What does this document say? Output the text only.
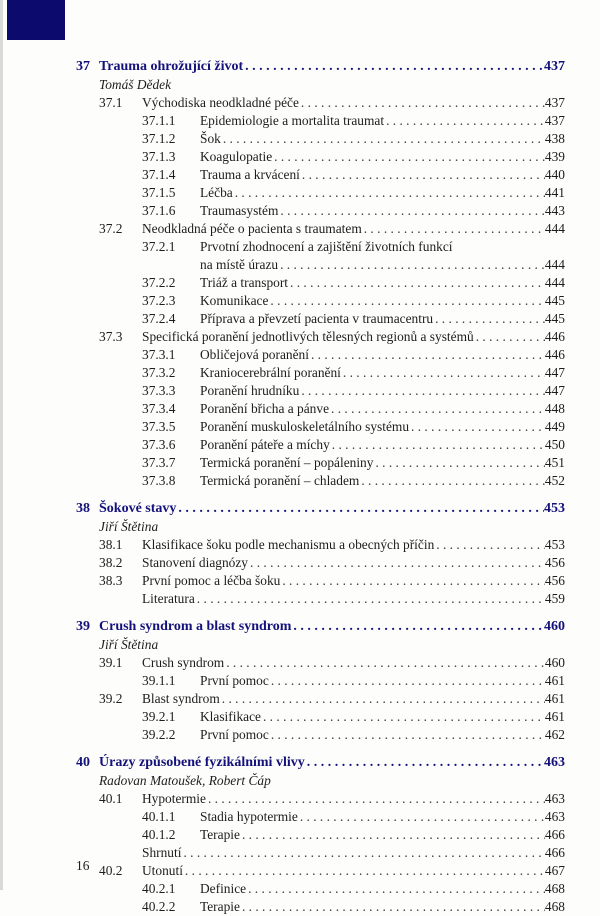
37 Trauma ohrožující život . . .	437
Tomáš Dědek
37.1	Východiska neodkladné péče . . .	437
37.1.1	Epidemiologie a mortalita traumat . . .	437
37.1.2	Šok . . .	438
37.1.3	Koagulopatie . . .	439
37.1.4	Trauma a krvácení . . .	440
37.1.5	Léčba . . .	441
37.1.6	Traumasystém . . .	443
37.2	Neodkladná péče o pacienta s traumatem . . .	444
37.2.1	Prvotní zhodnocení a zajištění životních funkcí
na místě úrazu . . .	444
37.2.2	Triáž a transport . . .	444
37.2.3	Komunikace . . .	445
37.2.4	Příprava a převzetí pacienta v traumacentru . . .	445
37.3	Specifická poranění jednotlivých tělesných regionů a systémů . . .	446
37.3.1	Obličejová poranění . . .	446
37.3.2	Kraniocerebrální poranění . . .	447
37.3.3	Poranění hrudníku . . .	447
37.3.4	Poranění břicha a pánve . . .	448
37.3.5	Poranění muskuloskeletálního systému . . .	449
37.3.6	Poranění páteře a míchy . . .	450
37.3.7	Termická poranění – popáleniny . . .	451
37.3.8	Termická poranění – chladem . . .	452
38 Šokové stavy . . .	453
Jiří Štětina
38.1	Klasifikace šoku podle mechanismu a obecných příčin . . .	453
38.2	Stanovení diagnózy . . .	456
38.3	První pomoc a léčba šoku . . .	456
Literatura . . .	459
39 Crush syndrom a blast syndrom . . .	460
Jiří Štětina
39.1	Crush syndrom . . .	460
39.1.1	První pomoc . . .	461
39.2	Blast syndrom . . .	461
39.2.1	Klasifikace . . .	461
39.2.2	První pomoc . . .	462
40 Úrazy způsobené fyzikálními vlivy . . .	463
Radovan Matoušek, Robert Čáp
40.1	Hypotermie . . .	463
40.1.1	Stadia hypotermie . . .	463
40.1.2	Terapie . . .	466
Shrnutí . . .	466
40.2	Utonutí . . .	467
40.2.1	Definice . . .	468
40.2.2	Terapie . . .	468
16
